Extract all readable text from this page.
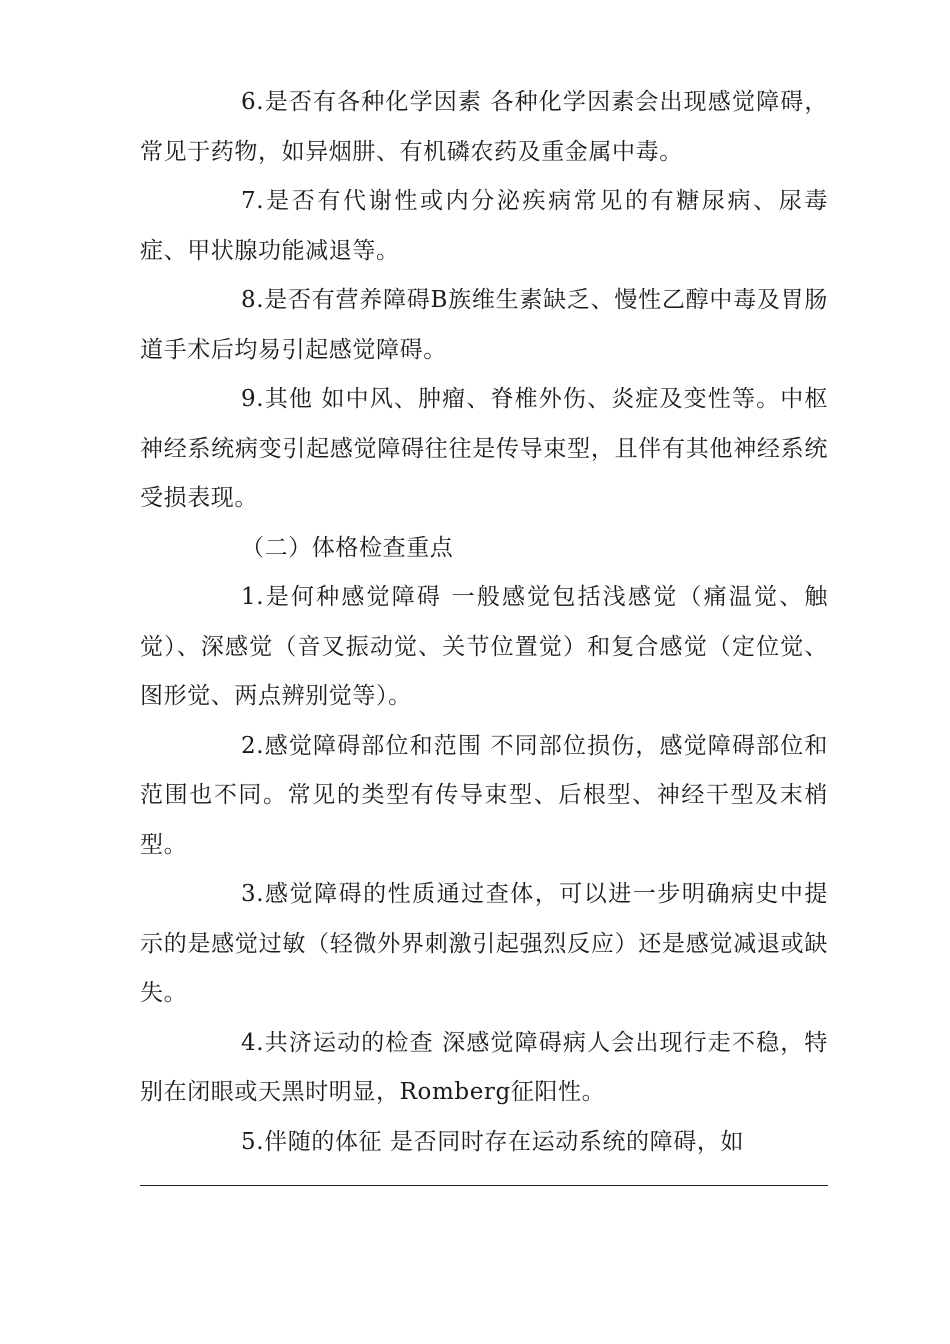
6.是否有各种化学因素 各种化学因素会出现感觉障碍，常见于药物，如异烟肼、有机磷农药及重金属中毒。

7.是否有代谢性或内分泌疾病常见的有糖尿病、尿毒症、甲状腺功能减退等。

8.是否有营养障碍B族维生素缺乏、慢性乙醇中毒及胃肠道手术后均易引起感觉障碍。

9.其他 如中风、肿瘤、脊椎外伤、炎症及变性等。中枢神经系统病变引起感觉障碍往往是传导束型，且伴有其他神经系统受损表现。

（二）体格检查重点

1.是何种感觉障碍 一般感觉包括浅感觉（痛温觉、触觉）、深感觉（音叉振动觉、关节位置觉）和复合感觉（定位觉、图形觉、两点辨别觉等）。

2.感觉障碍部位和范围 不同部位损伤，感觉障碍部位和范围也不同。常见的类型有传导束型、后根型、神经干型及末梢型。

3.感觉障碍的性质通过查体，可以进一步明确病史中提示的是感觉过敏（轻微外界刺激引起强烈反应）还是感觉减退或缺失。

4.共济运动的检查 深感觉障碍病人会出现行走不稳，特别在闭眼或天黑时明显，Romberg征阳性。

5.伴随的体征 是否同时存在运动系统的障碍，如
